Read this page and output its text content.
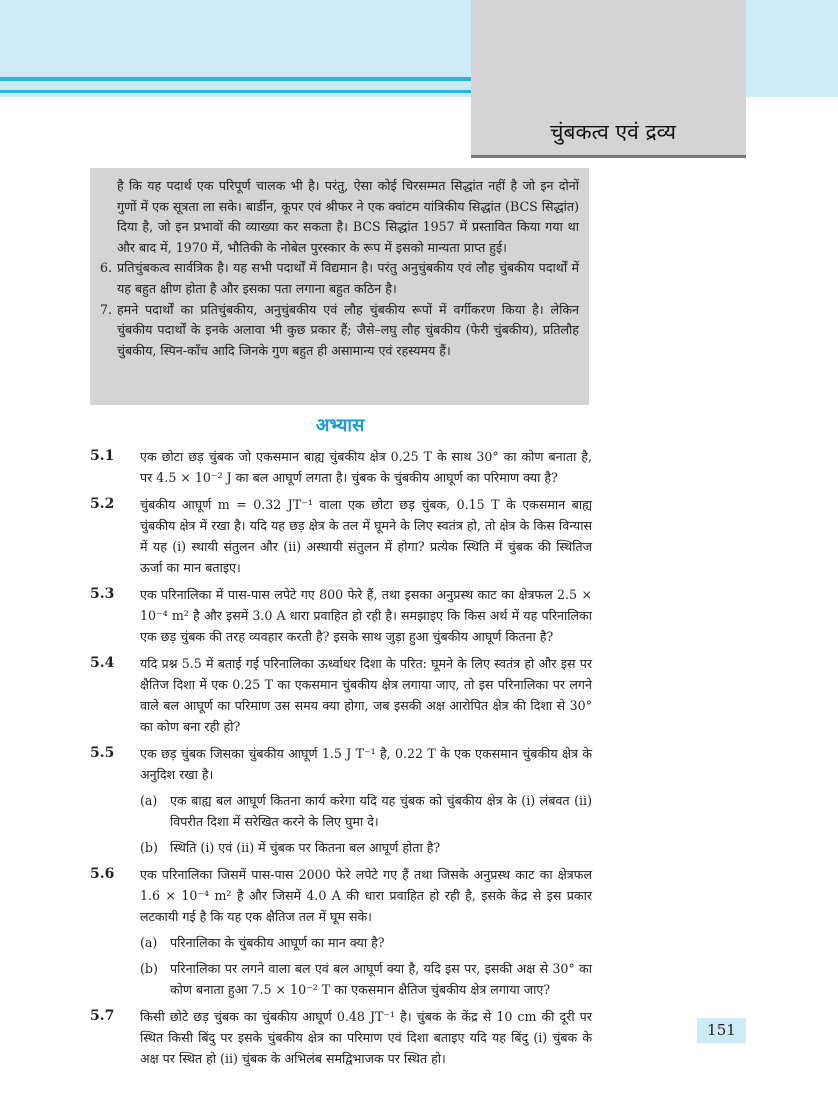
चुंबकत्व एवं द्रव्य

है कि यह पदार्थ एक परिपूर्ण चालक भी है। परंतु, ऐसा कोई चिरसम्मत सिद्धांत नहीं है जो इन दोनों गुणों में एक सूत्रता ला सके। बार्डीन, कूपर एवं श्रीफर ने एक क्वांटम यांत्रिकीय सिद्धांत (BCS सिद्धांत) दिया है, जो इन प्रभावों की व्याख्या कर सकता है। BCS सिद्धांत 1957 में प्रस्तावित किया गया था और बाद में, 1970 में, भौतिकी के नोबेल पुरस्कार के रूप में इसको मान्यता प्राप्त हुई।

6. प्रतिचुंबकत्व सार्वत्रिक है। यह सभी पदार्थों में विद्यमान है। परंतु अनुचुंबकीय एवं लौह चुंबकीय पदार्थों में यह बहुत क्षीण होता है और इसका पता लगाना बहुत कठिन है।

7. हमने पदार्थों का प्रतिचुंबकीय, अनुचुंबकीय एवं लौह चुंबकीय रूपों में वर्गीकरण किया है। लेकिन चुंबकीय पदार्थों के इनके अलावा भी कुछ प्रकार हैं; जैसे–लघु लौह चुंबकीय (फेरी चुंबकीय), प्रतिलौह चुंबकीय, स्पिन-काँच आदि जिनके गुण बहुत ही असामान्य एवं रहस्यमय हैं।

अभ्यास
5.1 एक छोटा छड़ चुंबक जो एकसमान बाह्य चुंबकीय क्षेत्र 0.25 T के साथ 30° का कोण बनाता है, पर 4.5 × 10⁻² J का बल आघूर्ण लगता है। चुंबक के चुंबकीय आघूर्ण का परिमाण क्या है?
5.2 चुंबकीय आघूर्ण m = 0.32 JT⁻¹ वाला एक छोटा छड़ चुंबक, 0.15 T के एकसमान बाह्य चुंबकीय क्षेत्र में रखा है। यदि यह छड़ क्षेत्र के तल में घूमने के लिए स्वतंत्र हो, तो क्षेत्र के किस विन्यास में यह (i) स्थायी संतुलन और (ii) अस्थायी संतुलन में होगा? प्रत्येक स्थिति में चुंबक की स्थितिज ऊर्जा का मान बताइए।
5.3 एक परिनालिका में पास-पास लपेटे गए 800 फेरे हैं, तथा इसका अनुप्रस्थ काट का क्षेत्रफल 2.5 × 10⁻⁴ m² है और इसमें 3.0 A धारा प्रवाहित हो रही है। समझाइए कि किस अर्थ में यह परिनालिका एक छड़ चुंबक की तरह व्यवहार करती है? इसके साथ जुड़ा हुआ चुंबकीय आघूर्ण कितना है?
5.4 यदि प्रश्न 5.5 में बताई गई परिनालिका ऊर्ध्वाधर दिशा के परित: घूमने के लिए स्वतंत्र हो और इस पर क्षैतिज दिशा में एक 0.25 T का एकसमान चुंबकीय क्षेत्र लगाया जाए, तो इस परिनालिका पर लगने वाले बल आघूर्ण का परिमाण उस समय क्या होगा, जब इसकी अक्ष आरोपित क्षेत्र की दिशा से 30° का कोण बना रही हो?
5.5 एक छड़ चुंबक जिसका चुंबकीय आघूर्ण 1.5 J T⁻¹ है, 0.22 T के एक एकसमान चुंबकीय क्षेत्र के अनुदिश रखा है।
(a) एक बाह्य बल आघूर्ण कितना कार्य करेगा यदि यह चुंबक को चुंबकीय क्षेत्र के (i) लंबवत (ii) विपरीत दिशा में सरेखित करने के लिए घुमा दे।
(b) स्थिति (i) एवं (ii) में चुंबक पर कितना बल आघूर्ण होता है?
5.6 एक परिनालिका जिसमें पास-पास 2000 फेरे लपेटे गए हैं तथा जिसके अनुप्रस्थ काट का क्षेत्रफल 1.6 × 10⁻⁴ m² है और जिसमें 4.0 A की धारा प्रवाहित हो रही है, इसके केंद्र से इस प्रकार लटकायी गई है कि यह एक क्षैतिज तल में घूम सके।
(a) परिनालिका के चुंबकीय आघूर्ण का मान क्या है?
(b) परिनालिका पर लगने वाला बल एवं बल आघूर्ण क्या है, यदि इस पर, इसकी अक्ष से 30° का कोण बनाता हुआ 7.5 × 10⁻² T का एकसमान क्षैतिज चुंबकीय क्षेत्र लगाया जाए?
5.7 किसी छोटे छड़ चुंबक का चुंबकीय आघूर्ण 0.48 JT⁻¹ है। चुंबक के केंद्र से 10 cm की दूरी पर स्थित किसी बिंदु पर इसके चुंबकीय क्षेत्र का परिमाण एवं दिशा बताइए यदि यह बिंदु (i) चुंबक के अक्ष पर स्थित हो (ii) चुंबक के अभिलंब समद्विभाजक पर स्थित हो।
151
